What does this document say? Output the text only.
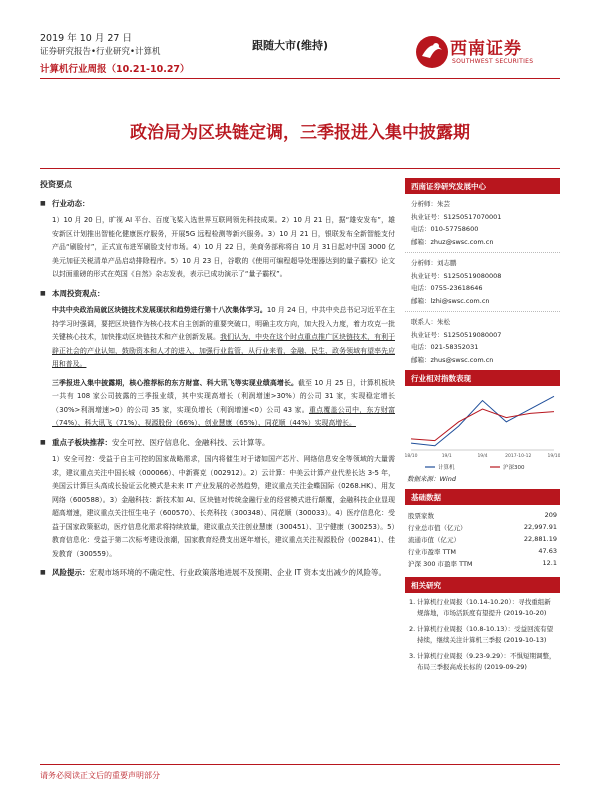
2019 年 10 月 27 日
证券研究报告•行业研究•计算机
计算机行业周报（10.21-10.27）
跟随大市(维持)	西南证券
SOUTHWEST SECURITIES
政治局为区块链定调，三季报进入集中披露期
投资要点
■ 行业动态：
1）10 月 20 日，旷视 AI 平台、百度飞桨入选世界互联网领先科技成果。2）10 月 21 日，据“雄安发布”，雄安新区计划推出智能化健康医疗服务，开展5G 远程检测等新兴服务。3）10 月 21 日，银联发布全新智能支付产品“刷脸付”，正式宣布进军刷脸支付市场。4）10 月 22 日，美商务部称将自 10 月 31日起对中国 3000 亿美元加征关税清单产品启动排除程序。5）10 月 23 日，谷歌的《使用可编程超导处理器达到的量子霸权》论文以封面重磅的形式在英国《自然》杂志发表，表示已成功演示了“量子霸权”。
■ 本周投资观点：
中共中央政治局就区块链技术发展现状和趋势进行第十八次集体学习。10 月 24 日，中共中央总书记习近平在主持学习时强调，要把区块链作为核心技术自主创新的重要突破口，明确主攻方向，加大投入力度，着力攻克一批关键核心技术，加快推动区块链技术和产业创新发展。我们认为，中央在这个时点重点推广区块链技术，有利于辟正社会的产业认知，鼓励资本和人才的进入，加强行业监管，从行业来看，金融、民生、政务领域有望率先应用和普及。
三季报进入集中披露期，核心推荐标的东方财富、科大讯飞等实现业绩高增长。截至 10 月 25 日，计算机板块一共有 108 家公司披露的三季报业绩，其中实现高增长（利润增速>30%）的公司 31 家，实现稳定增长（30%>利润增速>0）的公司 35 家，实现负增长（利润增速<0）公司 43 家。重点覆盖公司中，东方财富（74%）、科大讯飞（71%）、视源股份（66%）、创业慧康（65%）、同花顺（44%）实现高增长。
■ 重点子板块推荐：安全可控、医疗信息化、金融科技、云计算等。
1）安全可控：受益于自主可控的国家战略需求，国内将催生对于诸如国产芯片、网络信息安全等领域的大量需求，建议重点关注中国长城（000066）、中新赛克（002912）。2）云计算：中美云计算产业代差长达 3-5 年，美国云计算巨头高成长验证云化模式是未来 IT 产业发展的必然趋势，建议重点关注金蝶国际（0268.HK）、用友网络（600588）。3）金融科技：新技术如 AI、区块链对传统金融行业的经营模式进行颠覆，金融科技企业显现超高增速，建议重点关注恒生电子（600570）、长亮科技（300348）、同花顺（300033）。4）医疗信息化：受益于国家政策驱动，医疗信息化需求将持续放量，建议重点关注创业慧康（300451）、卫宁健康（300253）。5）教育信息化：受益于第二次标考建设浪潮，国家教育经费支出逐年增长，建议重点关注视源股份（002841）、佳发教育（300559）。
■ 风险提示：宏观市场环境的不确定性、行业政策落地进展不及预期、企业 IT 资本支出减少的风险等。
西南证券研究发展中心
分析师：朱芸
执业证号：S1250517070001
电话：010-57758600
邮箱：zhuz@swsc.com.cn
分析师：刘志鹏
执业证号：S1250519080008
电话：0755-23618646
邮箱：lzhi@swsc.com.cn
联系人：朱松
执业证号：S1250519080007
电话：021-58352031
邮箱：zhus@swsc.com.cn
行业相对指数表现
计算机	沪深300
18/10	19/1	19/4	2017-10-12	19/10
数据来源：Wind
基础数据
股票家数	209
行业总市值（亿元）	22,997.91
流通市值（亿元）	22,881.19
行业市盈率 TTM	47.63
沪深 300 市盈率 TTM	12.1
相关研究
1. 计算机行业周报（10.14-10.20）：寻找重组新规落地，市场活跃度有望提升 (2019-10-20)
2. 计算机行业周报（10.8-10.13）：受益回流有望持续，继续关注计算机三季报 (2019-10-13)
3. 计算机行业周报（9.23-9.29）：不惧短期调整，布局三季报高成长标的 (2019-09-29)
请务必阅读正文后的重要声明部分
